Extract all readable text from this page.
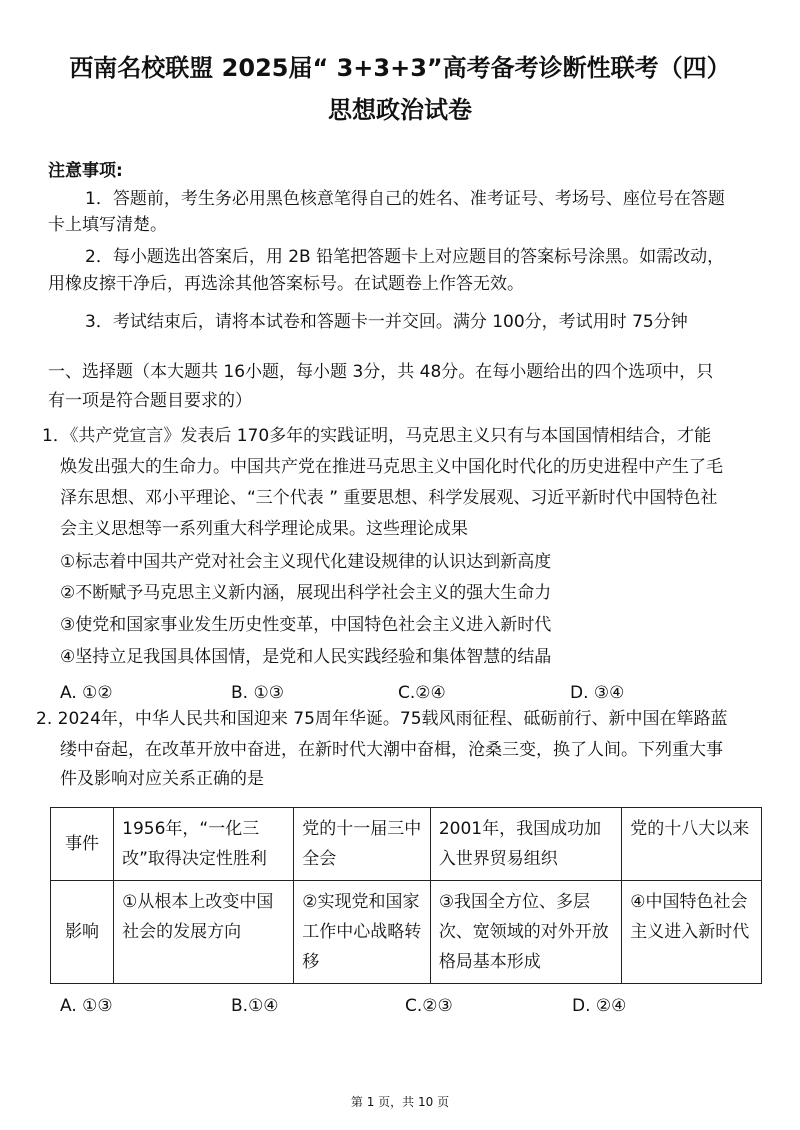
西南名校联盟 2025届“ 3+3+3”高考备考诊断性联考（四）
思想政治试卷
注意事项:
1．答题前，考生务必用黑色核意笔得自己的姓名、准考证号、考场号、座位号在答题
卡上填写清楚。
2．每小题选出答案后，用 2B 铅笔把答题卡上对应题目的答案标号涂黑。如需改动，
用橡皮擦干净后，再选涂其他答案标号。在试题卷上作答无效。
3．考试结束后，请将本试卷和答题卡一并交回。满分 100分，考试用时 75分钟
一、选择题（本大题共 16小题，每小题 3分，共 48分。在每小题给出的四个选项中，只
有一项是符合题目要求的）
1．《共产党宣言》发表后 170多年的实践证明，马克思主义只有与本国国情相结合，才能
焕发出强大的生命力。中国共产党在推进马克思主义中国化时代化的历史进程中产生了毛
泽东思想、邓小平理论、“三个代表 ” 重要思想、科学发展观、习近平新时代中国特色社
会主义思想等一系列重大科学理论成果。这些理论成果
①标志着中国共产党对社会主义现代化建设规律的认识达到新高度
②不断赋予马克思主义新内涵，展现出科学社会主义的强大生命力
③使党和国家事业发生历史性变革，中国特色社会主义进入新时代
④坚持立足我国具体国情，是党和人民实践经验和集体智慧的结晶
A. ①②	B. ①③	C.②④	D. ③④
2. 2024年，中华人民共和国迎来 75周年华诞。75载风雨征程、砥砺前行、新中国在筚路蓝
缕中奋起，在改革开放中奋进，在新时代大潮中奋楫，沧桑三变，换了人间。下列重大事
件及影响对应关系正确的是
事件	1956年，“一化三改”取得决定性胜利	党的十一届三中全会	2001年，我国成功加入世界贸易组织	党的十八大以来
影响	①从根本上改变中国社会的发展方向	②实现党和国家工作中心战略转移	③我国全方位、多层次、宽领域的对外开放格局基本形成	④中国特色社会主义进入新时代
A. ①③	B.①④	C.②③	D. ②④
第 1 页，共 10 页
